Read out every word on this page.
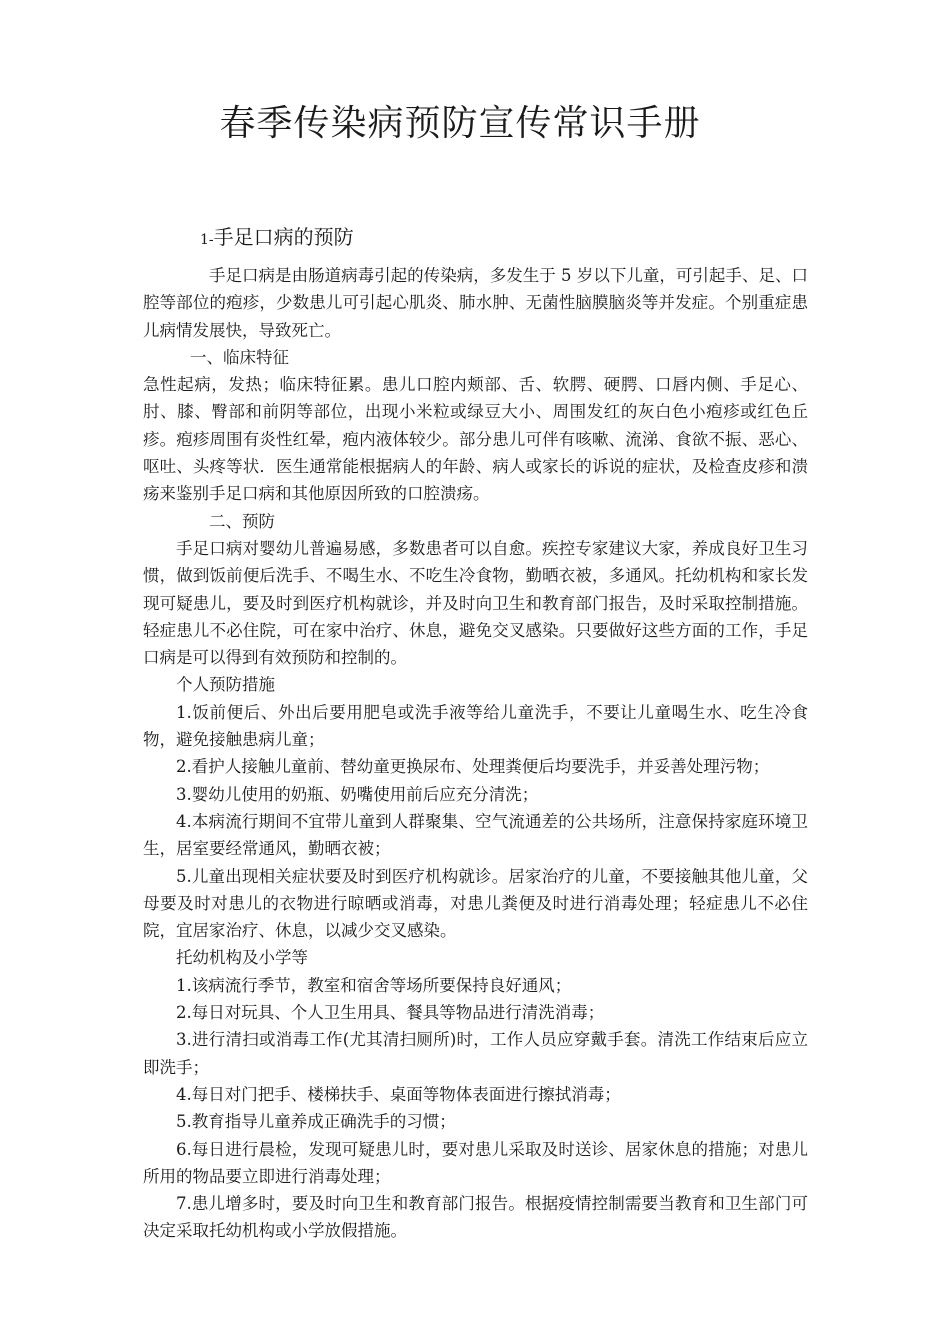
春季传染病预防宣传常识手册
1-手足口病的预防

手足口病是由肠道病毒引起的传染病，多发生于 5 岁以下儿童，可引起手、足、口腔等部位的疱疹，少数患儿可引起心肌炎、肺水肿、无菌性脑膜脑炎等并发症。个别重症患儿病情发展快，导致死亡。

一、临床特征

急性起病，发热；临床特征累。患儿口腔内颊部、舌、软腭、硬腭、口唇内侧、手足心、肘、膝、臀部和前阴等部位，出现小米粒或绿豆大小、周围发红的灰白色小疱疹或红色丘疹。疱疹周围有炎性红晕，疱内液体较少。部分患儿可伴有咳嗽、流涕、食欲不振、恶心、呕吐、头疼等状．医生通常能根据病人的年龄、病人或家长的诉说的症状，及检查皮疹和溃疡来鉴别手足口病和其他原因所致的口腔溃疡。

二、预防

手足口病对婴幼儿普遍易感，多数患者可以自愈。疾控专家建议大家，养成良好卫生习惯，做到饭前便后洗手、不喝生水、不吃生冷食物，勤晒衣被，多通风。托幼机构和家长发现可疑患儿，要及时到医疗机构就诊，并及时向卫生和教育部门报告，及时采取控制措施。轻症患儿不必住院，可在家中治疗、休息，避免交叉感染。只要做好这些方面的工作，手足口病是可以得到有效预防和控制的。

个人预防措施

1.饭前便后、外出后要用肥皂或洗手液等给儿童洗手，不要让儿童喝生水、吃生冷食物，避免接触患病儿童；

2.看护人接触儿童前、替幼童更换尿布、处理粪便后均要洗手，并妥善处理污物；

3.婴幼儿使用的奶瓶、奶嘴使用前后应充分清洗；

4.本病流行期间不宜带儿童到人群聚集、空气流通差的公共场所，注意保持家庭环境卫生，居室要经常通风，勤晒衣被；

5.儿童出现相关症状要及时到医疗机构就诊。居家治疗的儿童，不要接触其他儿童，父母要及时对患儿的衣物进行晾晒或消毒，对患儿粪便及时进行消毒处理；轻症患儿不必住院，宜居家治疗、休息，以减少交叉感染。

托幼机构及小学等

1.该病流行季节，教室和宿舍等场所要保持良好通风；

2.每日对玩具、个人卫生用具、餐具等物品进行清洗消毒；

3.进行清扫或消毒工作(尤其清扫厕所)时，工作人员应穿戴手套。清洗工作结束后应立即洗手；

4.每日对门把手、楼梯扶手、桌面等物体表面进行擦拭消毒；

5.教育指导儿童养成正确洗手的习惯；

6.每日进行晨检，发现可疑患儿时，要对患儿采取及时送诊、居家休息的措施；对患儿所用的物品要立即进行消毒处理；

7.患儿增多时，要及时向卫生和教育部门报告。根据疫情控制需要当教育和卫生部门可决定采取托幼机构或小学放假措施。
